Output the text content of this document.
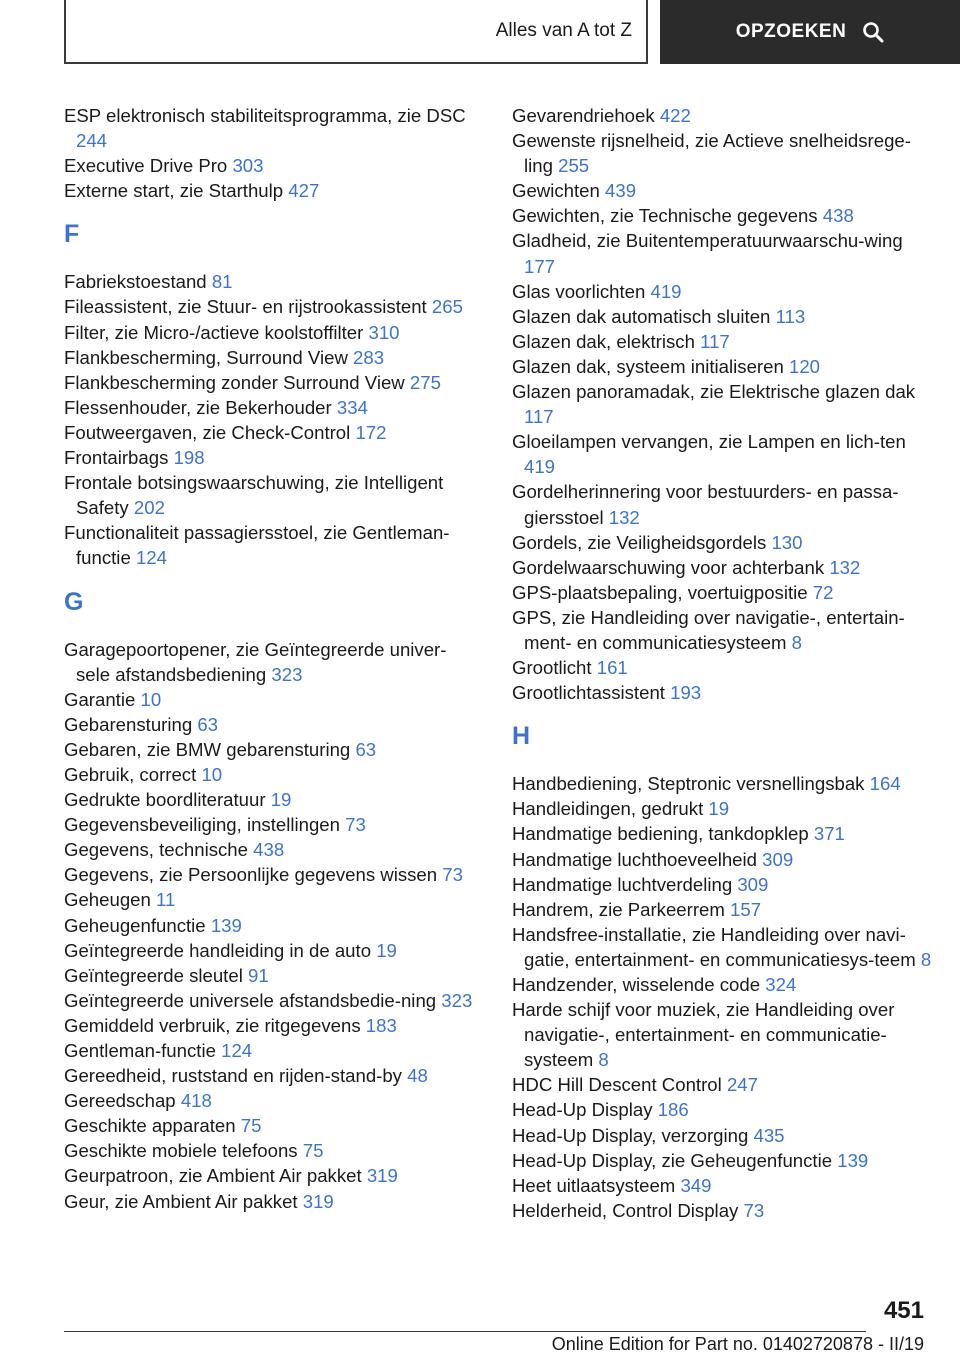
Alles van A tot Z	OPZOEKEN
ESP elektronisch stabiliteitsprogramma, zie DSC 244
Executive Drive Pro 303
Externe start, zie Starthulp 427
F
Fabriekstoestand 81
Fileassistent, zie Stuur- en rijstrookassistent 265
Filter, zie Micro-/actieve koolstoffilter 310
Flankbescherming, Surround View 283
Flankbescherming zonder Surround View 275
Flessenhouder, zie Bekerhouder 334
Foutweergaven, zie Check-Control 172
Frontairbags 198
Frontale botsingswaarschuwing, zie Intelligent Safety 202
Functionaliteit passagiersstoel, zie Gentleman-functie 124
G
Garagepoortopener, zie Geïntegreerde univer-sele afstandsbediening 323
Garantie 10
Gebarensturing 63
Gebaren, zie BMW gebarensturing 63
Gebruik, correct 10
Gedrukte boordliteratuur 19
Gegevensbeveiliging, instellingen 73
Gegevens, technische 438
Gegevens, zie Persoonlijke gegevens wissen 73
Geheugen 11
Geheugenfunctie 139
Geïntegreerde handleiding in de auto 19
Geïntegreerde sleutel 91
Geïntegreerde universele afstandsbedie-ning 323
Gemiddeld verbruik, zie ritgegevens 183
Gentleman-functie 124
Gereedheid, ruststand en rijden-stand-by 48
Gereedschap 418
Geschikte apparaten 75
Geschikte mobiele telefoons 75
Geurpatroon, zie Ambient Air pakket 319
Geur, zie Ambient Air pakket 319
Gevarendriehoek 422
Gewenste rijsnelheid, zie Actieve snelheidsrege-ling 255
Gewichten 439
Gewichten, zie Technische gegevens 438
Gladheid, zie Buitentemperatuurwaarschu-wing 177
Glas voorlichten 419
Glazen dak automatisch sluiten 113
Glazen dak, elektrisch 117
Glazen dak, systeem initialiseren 120
Glazen panoramadak, zie Elektrische glazen dak 117
Gloeilampen vervangen, zie Lampen en lich-ten 419
Gordelherinnering voor bestuurders- en passa-giersstoel 132
Gordels, zie Veiligheidsgordels 130
Gordelwaarschuwing voor achterbank 132
GPS-plaatsbepaling, voertuigpositie 72
GPS, zie Handleiding over navigatie-, entertain-ment- en communicatiesysteem 8
Grootlicht 161
Grootlichtassistent 193
H
Handbediening, Steptronic versnellingsbak 164
Handleidingen, gedrukt 19
Handmatige bediening, tankdopklep 371
Handmatige luchthoeveelheid 309
Handmatige luchtverdeling 309
Handrem, zie Parkeerrem 157
Handsfree-installatie, zie Handleiding over navi-gatie, entertainment- en communicatiesys-teem 8
Handzender, wisselende code 324
Harde schijf voor muziek, zie Handleiding over navigatie-, entertainment- en communicatie-systeem 8
HDC Hill Descent Control 247
Head-Up Display 186
Head-Up Display, verzorging 435
Head-Up Display, zie Geheugenfunctie 139
Heet uitlaatsysteem 349
Helderheid, Control Display 73
451
Online Edition for Part no. 01402720878 - II/19
